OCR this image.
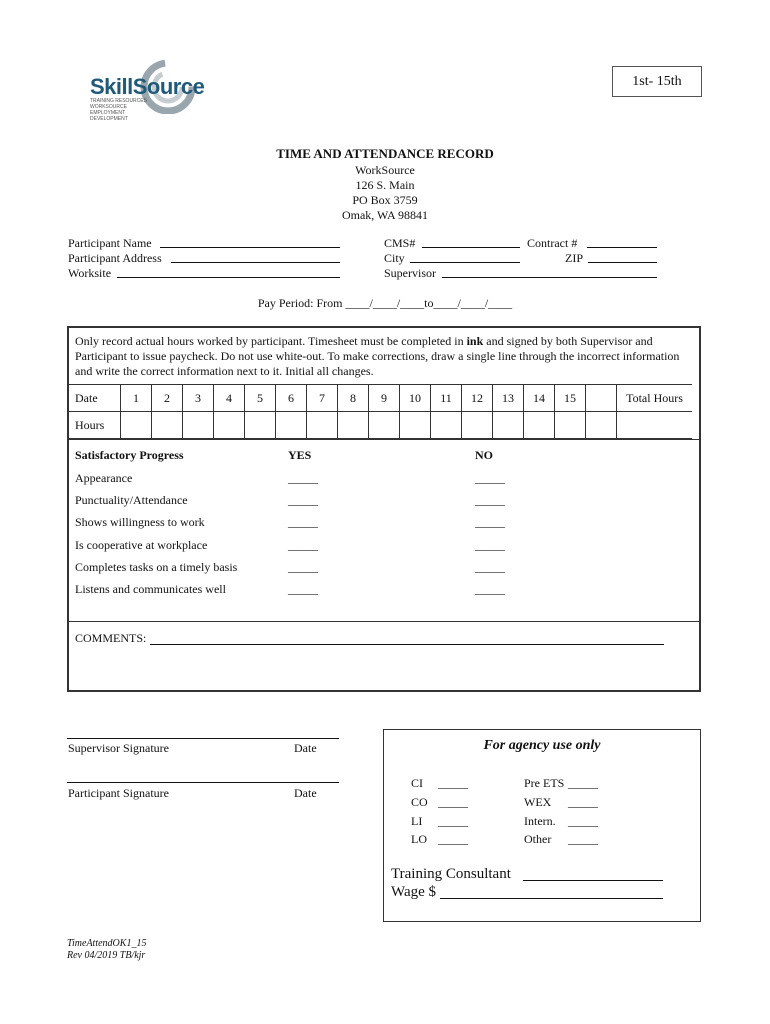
SkillSource
TRAINING RESOURCES WORKSOURCE EMPLOYMENT DEVELOPMENT
1st- 15th
TIME AND ATTENDANCE RECORD
WorkSource
126 S. Main
PO Box 3759
Omak, WA 98841
Participant Name
Participant Address
Worksite
CMS#	Contract #
City	ZIP
Supervisor
Pay Period: From ____/____/____to____/____/____
Only record actual hours worked by participant. Timesheet must be completed in ink and signed by both Supervisor and Participant to issue paycheck. Do not use white-out. To make corrections, draw a single line through the incorrect information and write the correct information next to it. Initial all changes.
Date	1	2	3	4	5	6	7	8	9	10	11	12	13	14	15		Total Hours
Hours																	
Satisfactory Progress	YES	NO
Appearance	_____	_____
Punctuality/Attendance	_____	_____
Shows willingness to work	_____	_____
Is cooperative at workplace	_____	_____
Completes tasks on a timely basis	_____	_____
Listens and communicates well	_____	_____
COMMENTS:
Supervisor Signature	Date
Participant Signature	Date
For agency use only
CI _____
CO _____
LI _____
LO _____
Pre ETS _____
WEX _____
Intern. _____
Other _____
Training Consultant
Wage $
TimeAttendOK1_15
Rev 04/2019 TB/kjr
